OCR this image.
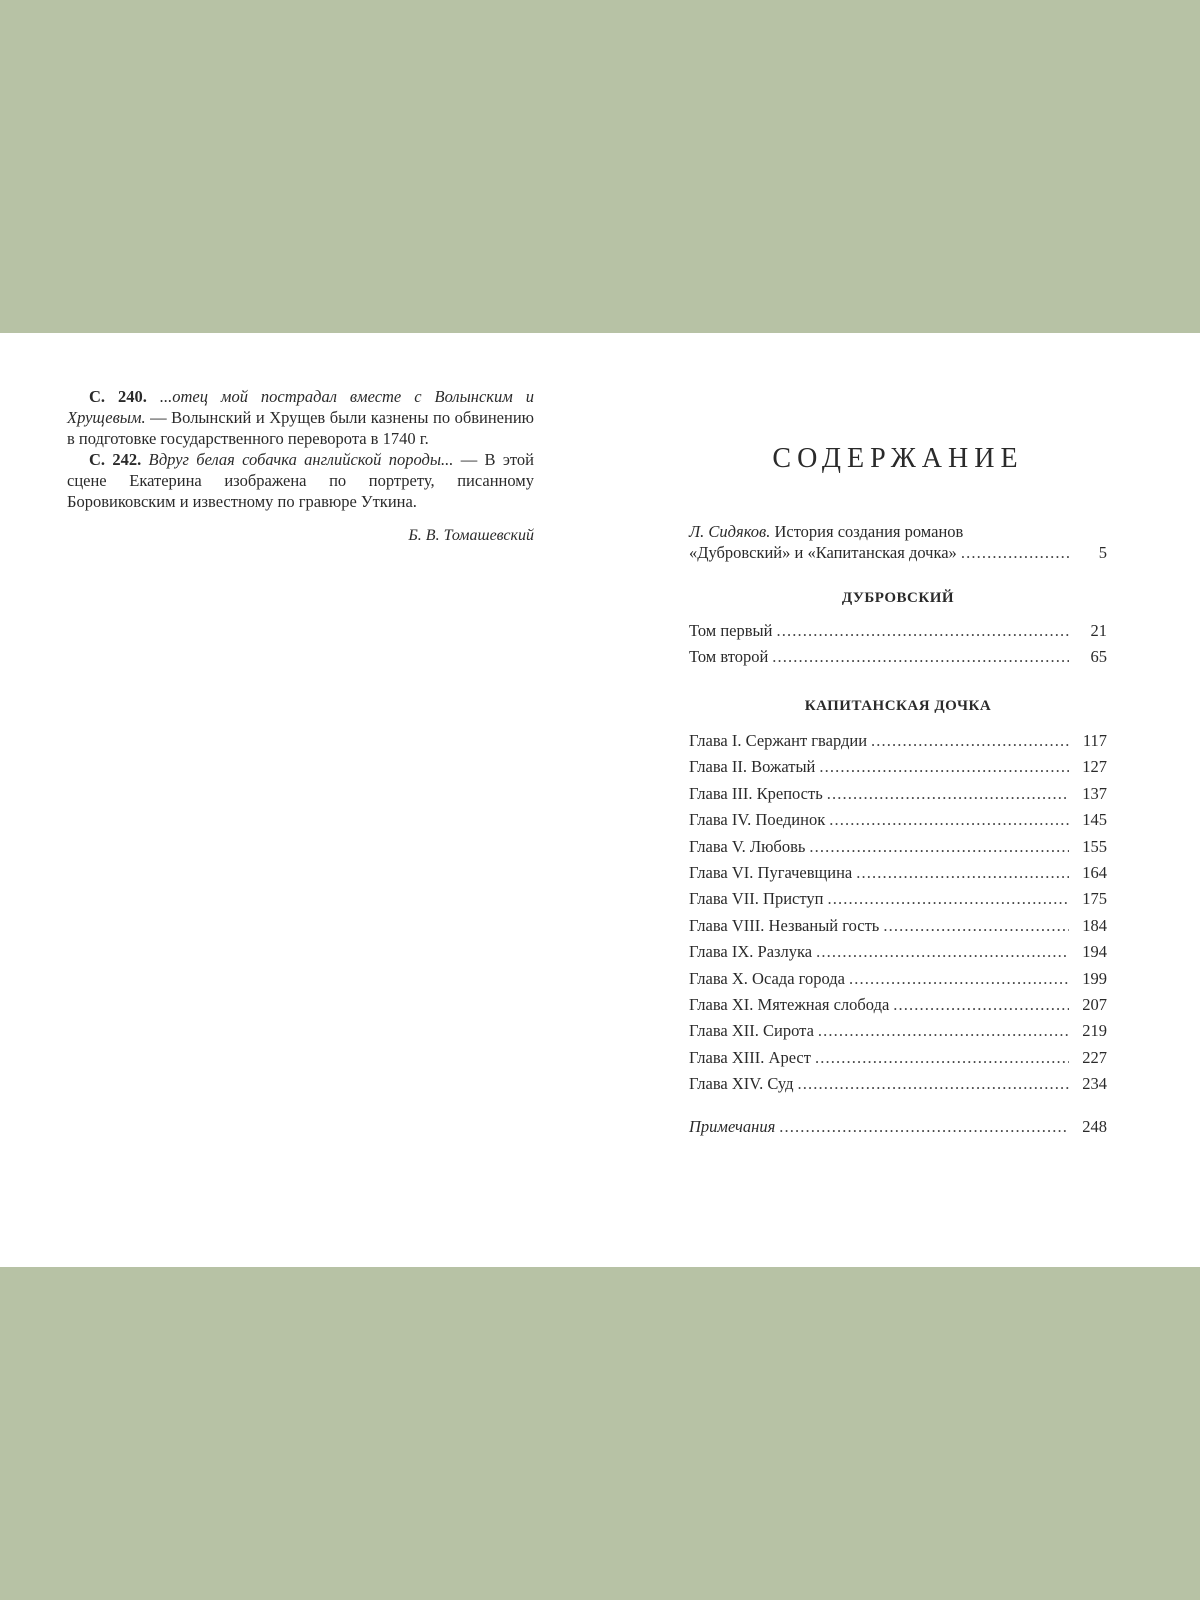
С. 240. ...отец мой пострадал вместе с Волынским и Хрущевым. — Волынский и Хрущев были казнены по обвинению в подготовке государственного переворота в 1740 г.

С. 242. Вдруг белая собачка английской породы... — В этой сцене Екатерина изображена по портрету, писанному Боровиковским и известному по гравюре Уткина.

Б. В. Томашевский
СОДЕРЖАНИЕ
Л. Сидяков. История создания романов
«Дубровский» и «Капитанская дочка» . . .	5
ДУБРОВСКИЙ
Том первый . . .	21
Том второй . . .	65
КАПИТАНСКАЯ ДОЧКА
Глава I. Сержант гвардии . . .	117
Глава II. Вожатый . . .	127
Глава III. Крепость . . .	137
Глава IV. Поединок . . .	145
Глава V. Любовь . . .	155
Глава VI. Пугачевщина . . .	164
Глава VII. Приступ . . .	175
Глава VIII. Незваный гость . . .	184
Глава IX. Разлука . . .	194
Глава X. Осада города . . .	199
Глава XI. Мятежная слобода . . .	207
Глава XII. Сирота . . .	219
Глава XIII. Арест . . .	227
Глава XIV. Суд . . .	234
Примечания . . .	248
